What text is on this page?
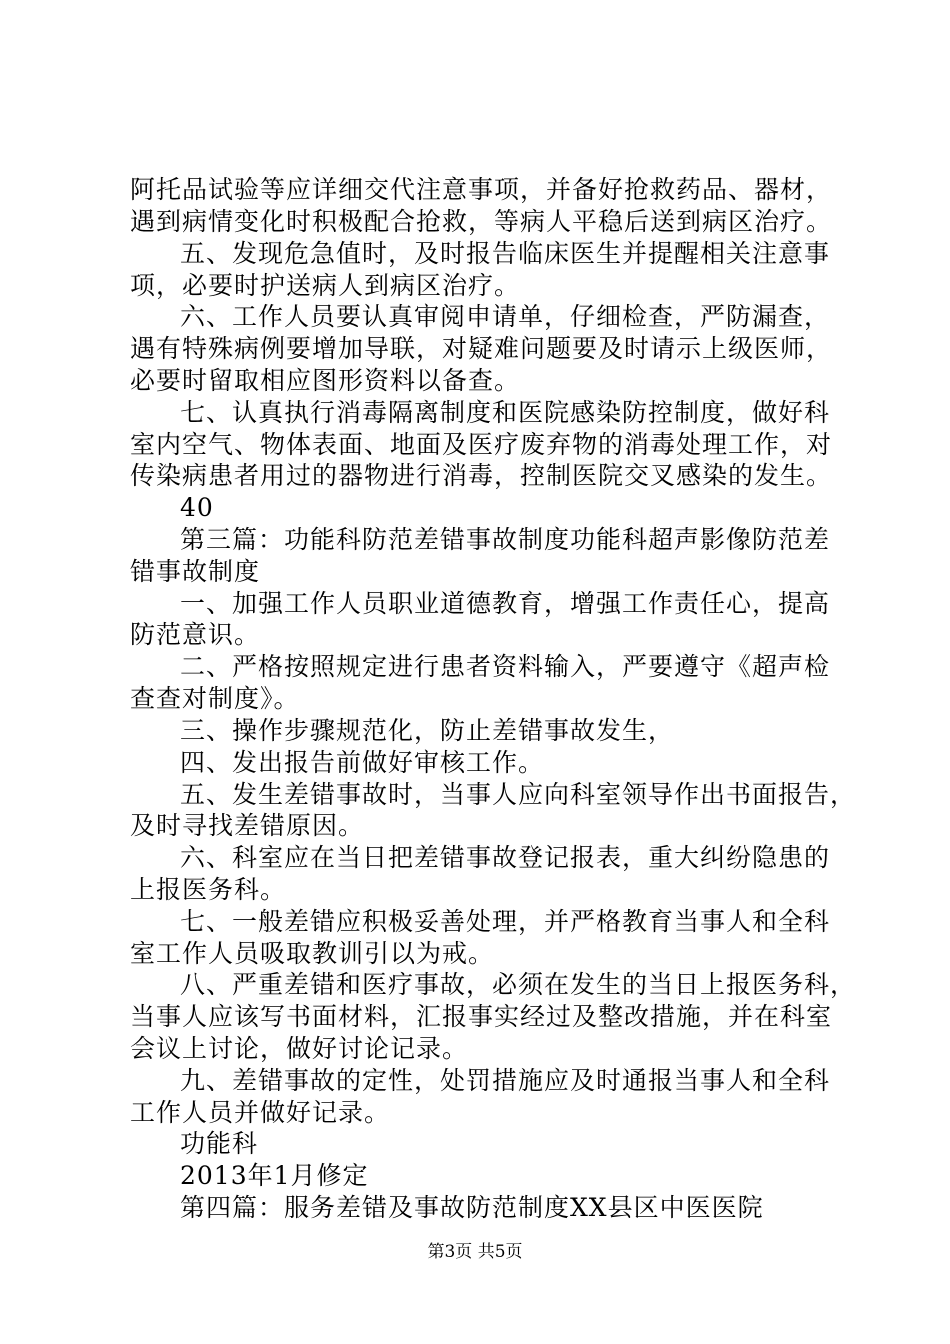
阿托品试验等应详细交代注意事项，并备好抢救药品、器材，
遇到病情变化时积极配合抢救，等病人平稳后送到病区治疗。
五、发现危急值时，及时报告临床医生并提醒相关注意事
项，必要时护送病人到病区治疗。
六、工作人员要认真审阅申请单，仔细检查，严防漏查，
遇有特殊病例要增加导联，对疑难问题要及时请示上级医师，
必要时留取相应图形资料以备查。
七、认真执行消毒隔离制度和医院感染防控制度，做好科
室内空气、物体表面、地面及医疗废弃物的消毒处理工作，对
传染病患者用过的器物进行消毒，控制医院交叉感染的发生。
40
第三篇：功能科防范差错事故制度功能科超声影像防范差
错事故制度
一、加强工作人员职业道德教育，增强工作责任心，提高
防范意识。
二、严格按照规定进行患者资料输入，严要遵守《超声检
查查对制度》。
三、操作步骤规范化，防止差错事故发生，
四、发出报告前做好审核工作。
五、发生差错事故时，当事人应向科室领导作出书面报告，
及时寻找差错原因。
六、科室应在当日把差错事故登记报表，重大纠纷隐患的
上报医务科。
七、一般差错应积极妥善处理，并严格教育当事人和全科
室工作人员吸取教训引以为戒。
八、严重差错和医疗事故，必须在发生的当日上报医务科，
当事人应该写书面材料，汇报事实经过及整改措施，并在科室
会议上讨论，做好讨论记录。
九、差错事故的定性，处罚措施应及时通报当事人和全科
工作人员并做好记录。
功能科
2013年1月修定
第四篇：服务差错及事故防范制度XX县区中医医院
第3页 共5页
